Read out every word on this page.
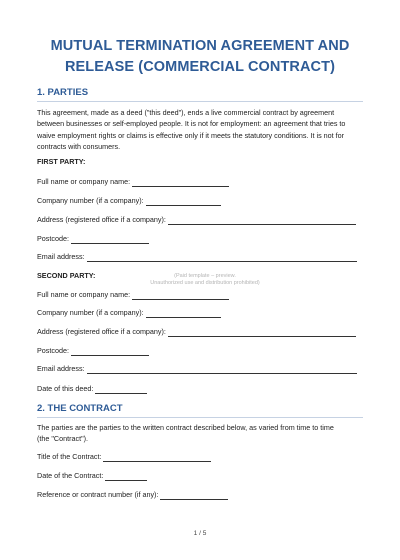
MUTUAL TERMINATION AGREEMENT AND
RELEASE (COMMERCIAL CONTRACT)
1. PARTIES
This agreement, made as a deed ("this deed"), ends a live commercial contract by agreement
between businesses or self-employed people. It is not for employment: an agreement that tries to
waive employment rights or claims is effective only if it meets the statutory conditions. It is not for
contracts with consumers.
FIRST PARTY:
Full name or company name:
Company number (if a company):
Address (registered office if a company):
Postcode:
Email address:
SECOND PARTY:	(Paid template – preview.
Unauthorized use and distribution prohibited)
Full name or company name:
Company number (if a company):
Address (registered office if a company):
Postcode:
Email address:
Date of this deed:
2. THE CONTRACT
The parties are the parties to the written contract described below, as varied from time to time
(the "Contract").
Title of the Contract:
Date of the Contract:
Reference or contract number (if any):
1 / 5
